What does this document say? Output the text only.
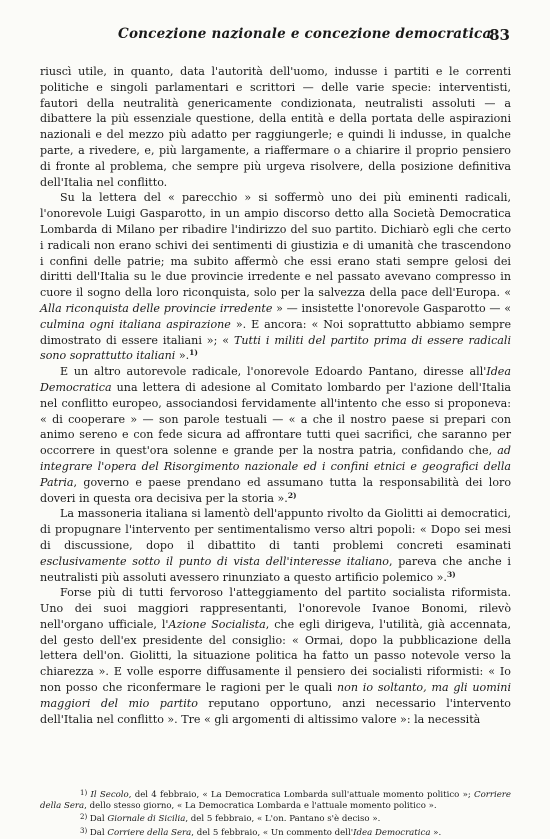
Concezione nazionale e concezione democratica
83

riuscì utile, in quanto, data l'autorità dell'uomo, indusse i partiti e le correnti politiche e singoli parlamentari e scrittori — delle varie specie: interventisti, fautori della neutralità genericamente condizionata, neutralisti assoluti — a dibattere la più essenziale questione, della entità e della portata delle aspirazioni nazionali e del mezzo più adatto per raggiungerle; e quindi li indusse, in qualche parte, a rivedere, e, più largamente, a riaffermare o a chiarire il proprio pensiero di fronte al problema, che sempre più urgeva risolvere, della posizione definitiva dell'Italia nel conflitto.

Su la lettera del « parecchio » si soffermò uno dei più eminenti radicali, l'onorevole Luigi Gasparotto, in un ampio discorso detto alla Società Democratica Lombarda di Milano per ribadire l'indirizzo del suo partito. Dichiarò egli che certo i radicali non erano schivi dei sentimenti di giustizia e di umanità che trascendono i confini delle patrie; ma subito affermò che essi erano stati sempre gelosi dei diritti dell'Italia su le due provincie irredente e nel passato avevano compresso in cuore il sogno della loro riconquista, solo per la salvezza della pace dell'Europa. « Alla riconquista delle provincie irredente » — insistette l'onorevole Gasparotto — « culmina ogni italiana aspirazione ». E ancora: « Noi soprattutto abbiamo sempre dimostrato di essere italiani »; « Tutti i militi del partito prima di essere radicali sono soprattutto italiani ».$^{1)}$

E un altro autorevole radicale, l'onorevole Edoardo Pantano, diresse all'Idea Democratica una lettera di adesione al Comitato lombardo per l'azione dell'Italia nel conflitto europeo, associandosi fervidamente all'intento che esso si proponeva: « di cooperare » — son parole testuali — « a che il nostro paese si prepari con animo sereno e con fede sicura ad affrontare tutti quei sacrifici, che saranno per occorrere in quest'ora solenne e grande per la nostra patria, confidando che, ad integrare l'opera del Risorgimento nazionale ed i confini etnici e geografici della Patria, governo e paese prendano ed assumano tutta la responsabilità dei loro doveri in questa ora decisiva per la storia ».$^{2)}$

La massoneria italiana si lamentò dell'appunto rivolto da Giolitti ai democratici, di propugnare l'intervento per sentimentalismo verso altri popoli: « Dopo sei mesi di discussione, dopo il dibattito di tanti problemi concreti esaminati esclusivamente sotto il punto di vista dell'interesse italiano, pareva che anche i neutralisti più assoluti avessero rinunziato a questo artificio polemico ».$^{3)}$

Forse più di tutti fervoroso l'atteggiamento del partito socialista riformista. Uno dei suoi maggiori rappresentanti, l'onorevole Ivanoe Bonomi, rilevò nell'organo ufficiale, l'Azione Socialista, che egli dirigeva, l'utilità, già accennata, del gesto dell'ex presidente del consiglio: « Ormai, dopo la pubblicazione della lettera dell'on. Giolitti, la situazione politica ha fatto un passo notevole verso la chiarezza ». E volle esporre diffusamente il pensiero dei socialisti riformisti: « Io non posso che riconfermare le ragioni per le quali non io soltanto, ma gli uomini maggiori del mio partito reputano opportuno, anzi necessario l'intervento dell'Italia nel conflitto ». Tre « gli argomenti di altissimo valore »: la necessità

1) Il Secolo, del 4 febbraio, « La Democratica Lombarda sull'attuale momento politico »; Corriere della Sera, dello stesso giorno, « La Democratica Lombarda e l'attuale momento politico ».

2) Dal Giornale di Sicilia, del 5 febbraio, « L'on. Pantano s'è deciso ».

3) Dal Corriere della Sera, del 5 febbraio, « Un commento dell'Idea Democratica ».
